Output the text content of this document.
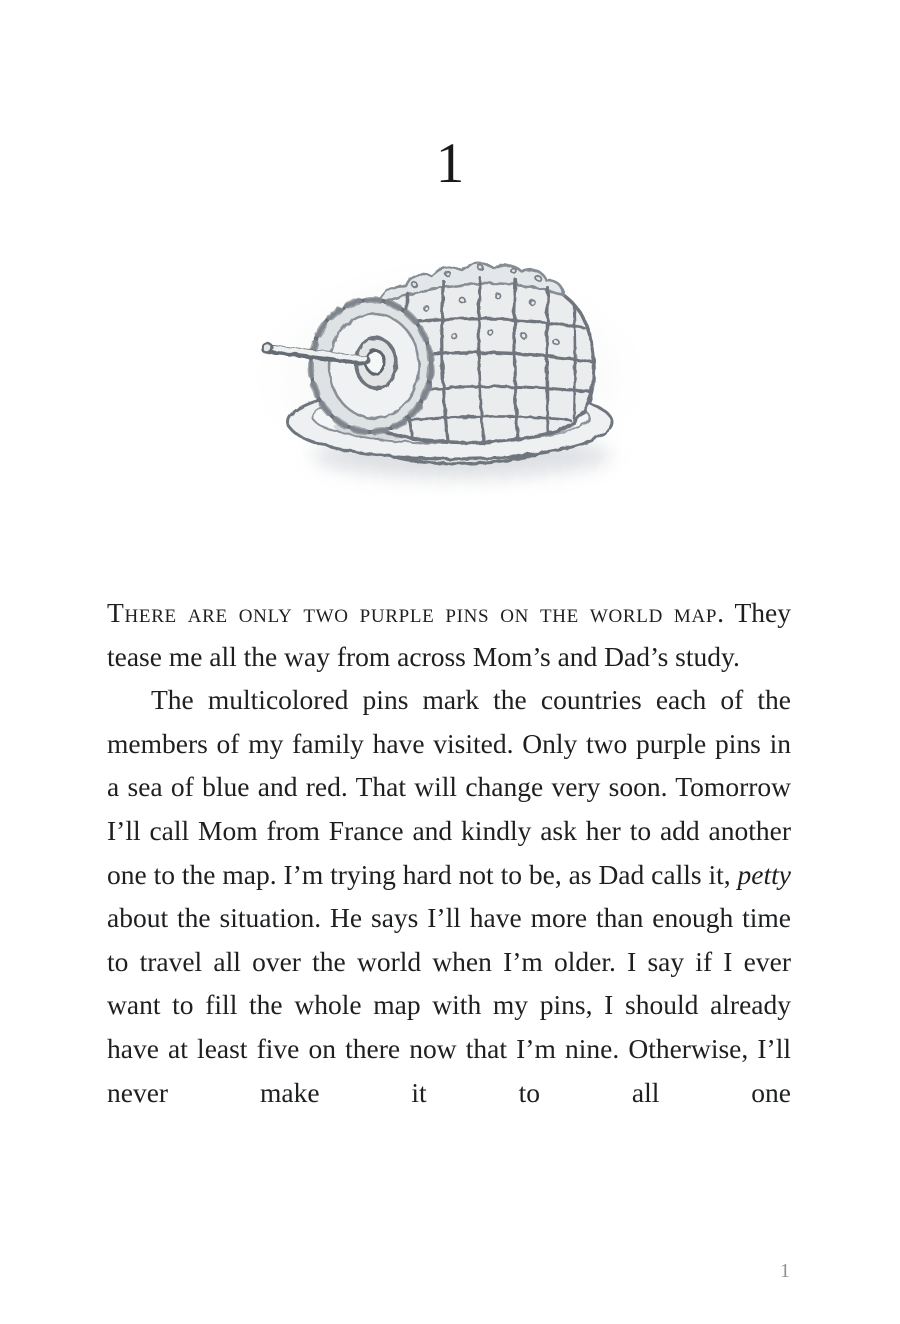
1

There are only two purple pins on the world map. They tease me all the way from across Mom’s and Dad’s study.

The multicolored pins mark the countries each of the members of my family have visited. Only two purple pins in a sea of blue and red. That will change very soon. Tomorrow I’ll call Mom from France and kindly ask her to add another one to the map. I’m trying hard not to be, as Dad calls it, petty about the situation. He says I’ll have more than enough time to travel all over the world when I’m older. I say if I ever want to fill the whole map with my pins, I should already have at least five on there now that I’m nine. Otherwise, I’ll never make it to all one

1
